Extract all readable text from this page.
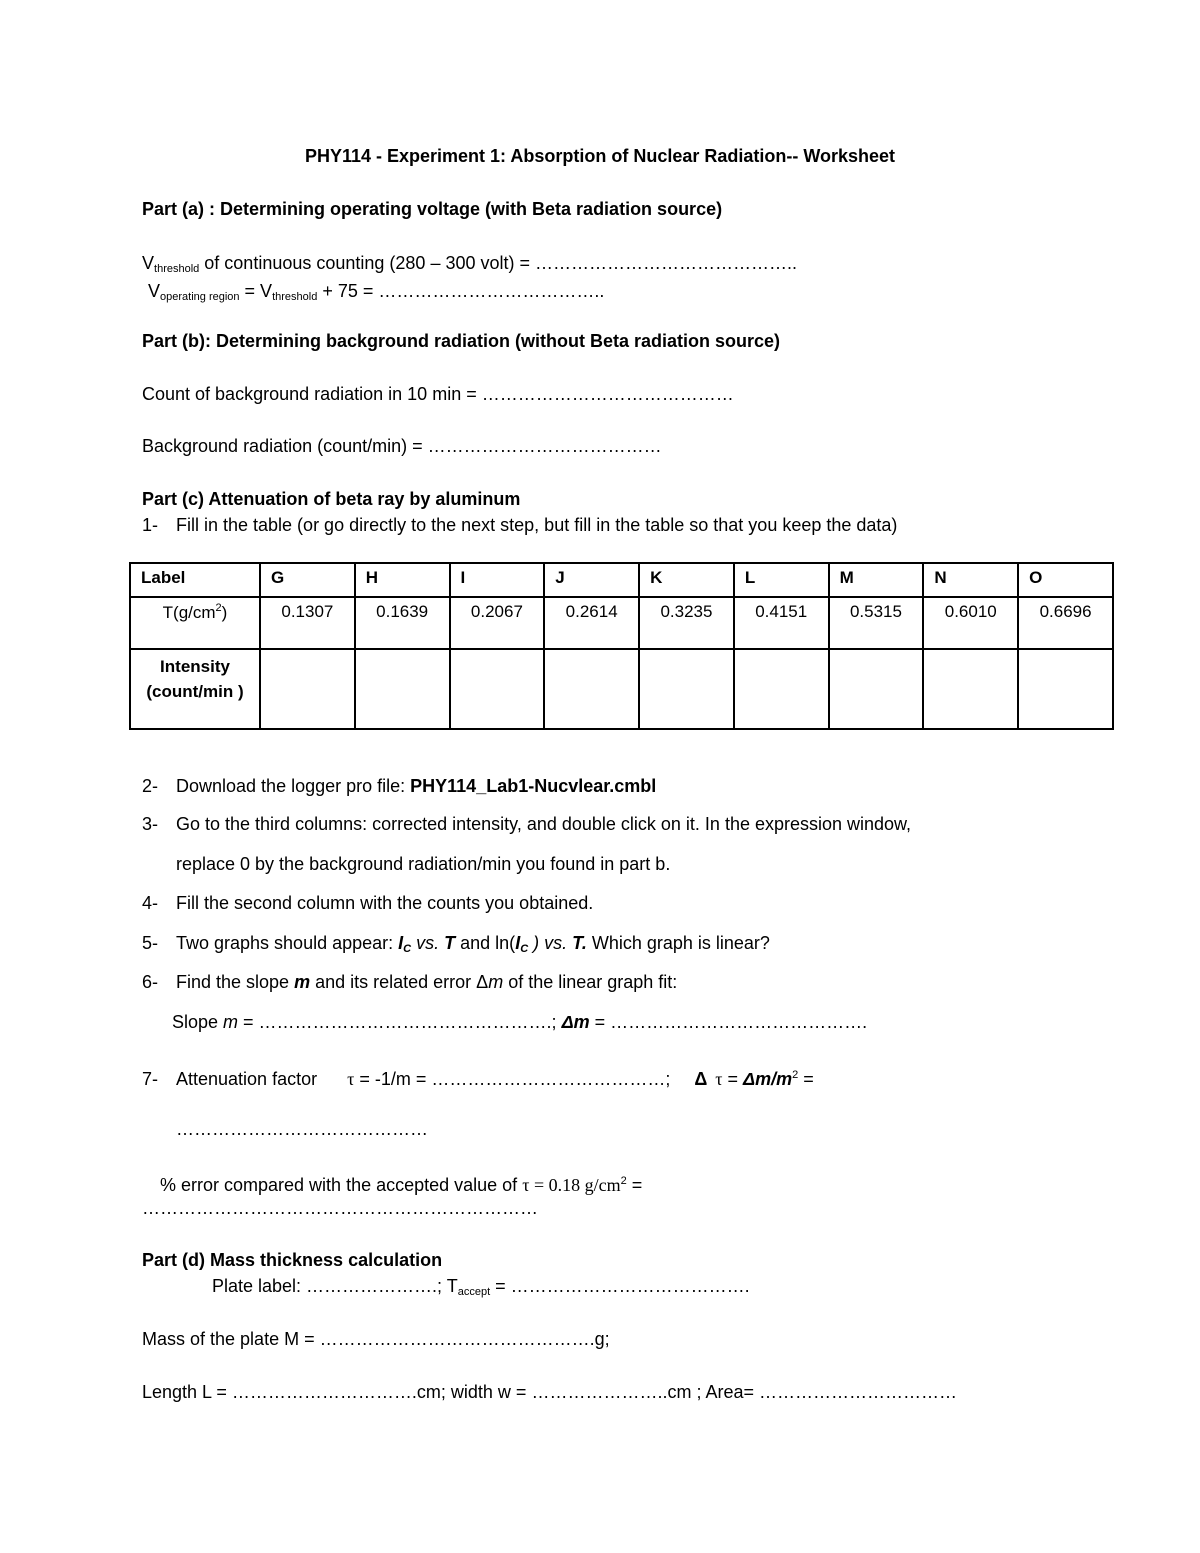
PHY114 - Experiment 1: Absorption of Nuclear Radiation-- Worksheet
Part (a) : Determining operating voltage (with Beta radiation source)
$V_{threshold}$ of continuous counting (280 – 300 volt) = ……………………………………..
$V_{operating region} = V_{threshold} + 75$ = ………………………………..
Part (b): Determining background radiation (without Beta radiation source)
Count of background radiation in 10 min = ……………………………………
Background radiation (count/min) = …………………………………
Part (c) Attenuation of beta ray by aluminum
1- Fill in the table (or go directly to the next step, but fill in the table so that you keep the data)
Label	G	H	I	J	K	L	M	N	O
$T(g/cm^2)$	0.1307	0.1639	0.2067	0.2614	0.3235	0.4151	0.5315	0.6010	0.6696
Intensity (count/min )									
2- Download the logger pro file: PHY114_Lab1-Nucvlear.cmbl
3- Go to the third columns: corrected intensity, and double click on it. In the expression window,
replace 0 by the background radiation/min you found in part b.
4- Fill the second column with the counts you obtained.
5- Two graphs should appear: $I_C$ vs. T and $\ln(I_C$ ) vs. T. Which graph is linear?
6- Find the slope m and its related error Δm of the linear graph fit:
Slope m = ………………………………………….; Δm = …………………………………….
7- Attenuation factor τ = -1/m = …………………………………; Δ $\tau = \Delta m/m^2$ =
……………………………………
% error compared with the accepted value of τ = 0.18 $g/cm^2$ =
…………………………………………………………
Part (d) Mass thickness calculation
Plate label: ………………….; $T_{accept}$ = ………………………………….
Mass of the plate M = ……………………………………….g;
Length L = ………………………….cm; width w = …………………..cm ; Area= ……………………………
